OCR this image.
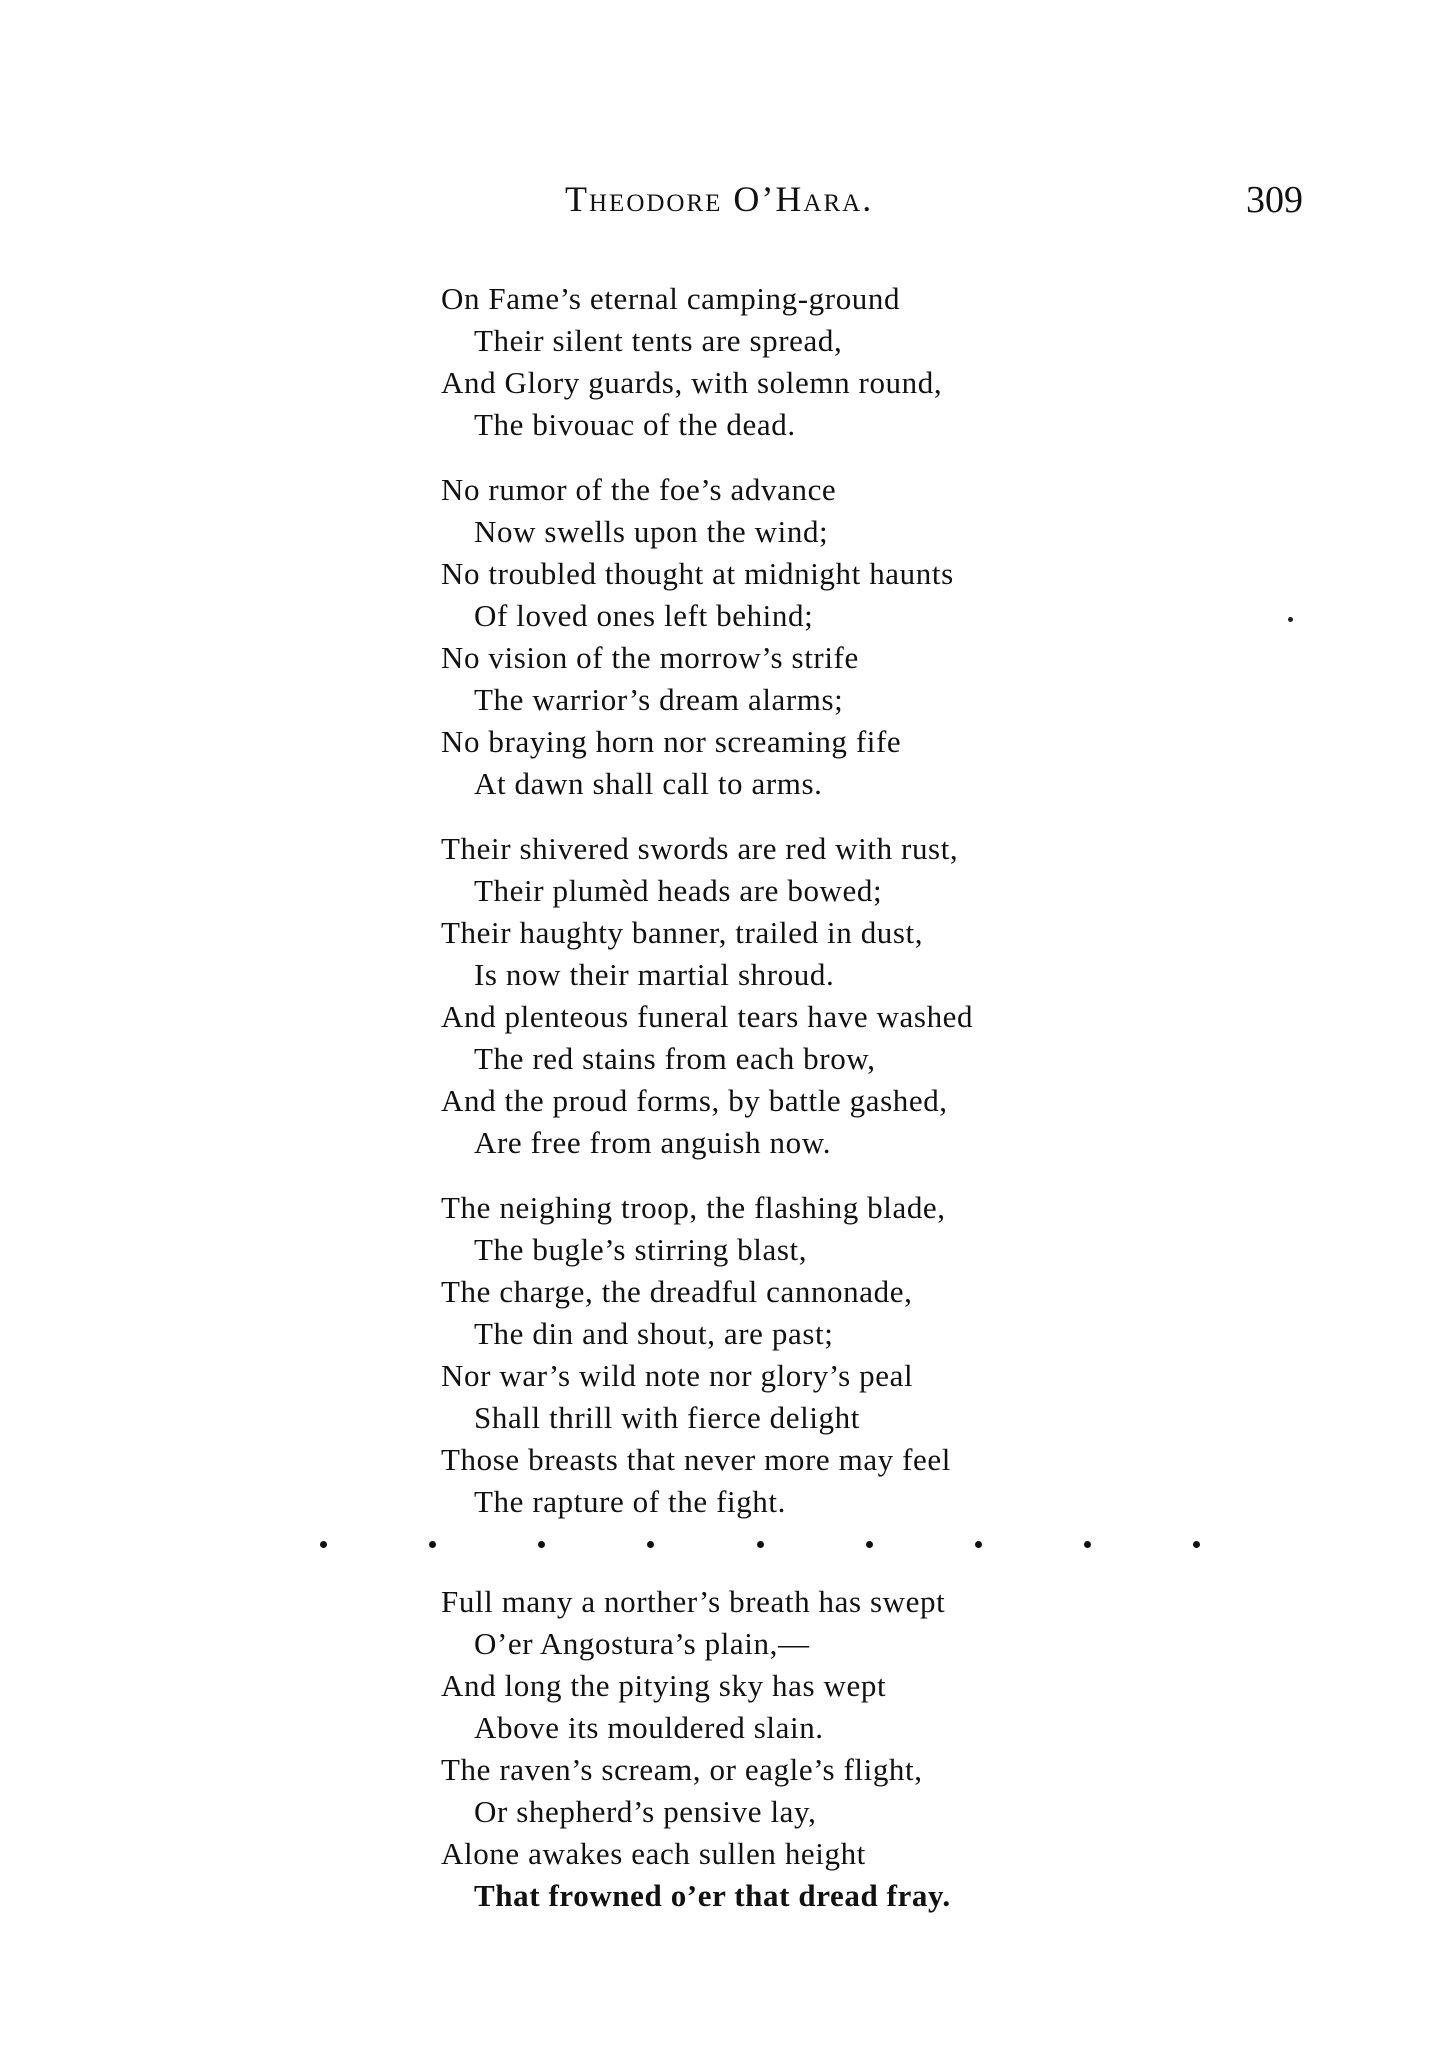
Theodore O’Hara.	309
On Fame’s eternal camping-ground
Their silent tents are spread,
And Glory guards, with solemn round,
The bivouac of the dead.
No rumor of the foe’s advance
Now swells upon the wind;
No troubled thought at midnight haunts
Of loved ones left behind;
No vision of the morrow’s strife
The warrior’s dream alarms;
No braying horn nor screaming fife
At dawn shall call to arms.
Their shivered swords are red with rust,
Their plumèd heads are bowed;
Their haughty banner, trailed in dust,
Is now their martial shroud.
And plenteous funeral tears have washed
The red stains from each brow,
And the proud forms, by battle gashed,
Are free from anguish now.
The neighing troop, the flashing blade,
The bugle’s stirring blast,
The charge, the dreadful cannonade,
The din and shout, are past;
Nor war’s wild note nor glory’s peal
Shall thrill with fierce delight
Those breasts that never more may feel
The rapture of the fight.
Full many a norther’s breath has swept
O’er Angostura’s plain,—
And long the pitying sky has wept
Above its mouldered slain.
The raven’s scream, or eagle’s flight,
Or shepherd’s pensive lay,
Alone awakes each sullen height
That frowned o’er that dread fray.
